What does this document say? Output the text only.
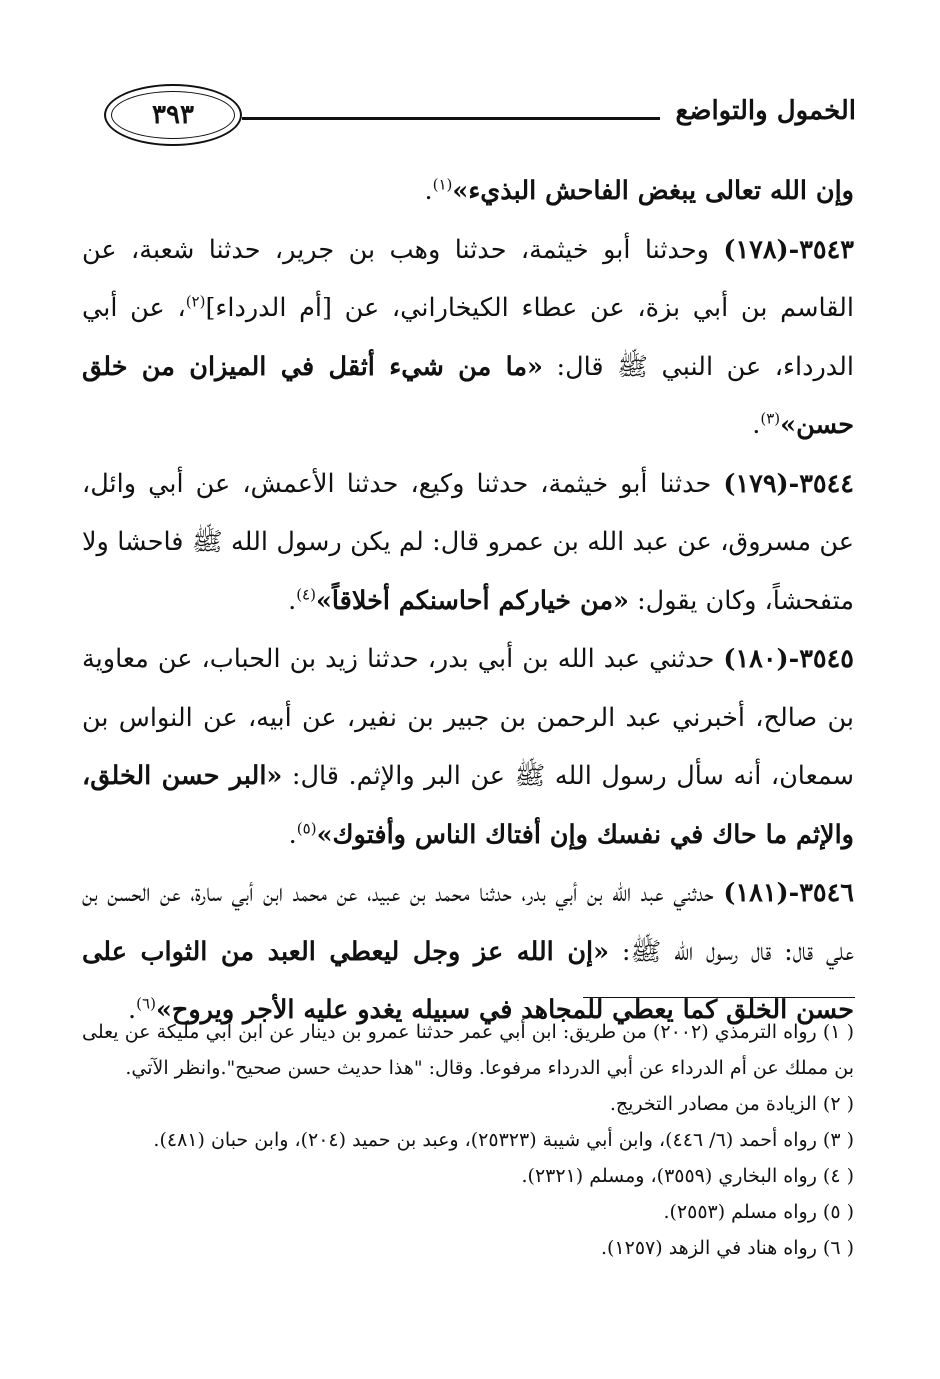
٣٩٣	الخمول والتواضع

وإن الله تعالى يبغض الفاحش البذيء»$^{(١)}$.

٣٥٤٣-(١٧٨) وحدثنا أبو خيثمة، حدثنا وهب بن جرير، حدثنا شعبة، عن القاسم بن أبي بزة، عن عطاء الكيخاراني، عن [أم الدرداء]$^{(٢)}$، عن أبي الدرداء، عن النبي ﷺ قال: «ما من شيء أثقل في الميزان من خلق حسن»$^{(٣)}$.

٣٥٤٤-(١٧٩) حدثنا أبو خيثمة، حدثنا وكيع، حدثنا الأعمش، عن أبي وائل، عن مسروق، عن عبد الله بن عمرو قال: لم يكن رسول الله ﷺ فاحشا ولا متفحشاً، وكان يقول: «من خياركم أحاسنكم أخلاقاً»$^{(٤)}$.

٣٥٤٥-(١٨٠) حدثني عبد الله بن أبي بدر، حدثنا زيد بن الحباب، عن معاوية بن صالح، أخبرني عبد الرحمن بن جبير بن نفير، عن أبيه، عن النواس بن سمعان، أنه سأل رسول الله ﷺ عن البر والإثم. قال: «البر حسن الخلق، والإثم ما حاك في نفسك وإن أفتاك الناس وأفتوك»$^{(٥)}$.

٣٥٤٦-(١٨١) حدثني عبد الله بن أبي بدر، حدثنا محمد بن عبيد، عن محمد ابن أبي سارة، عن الحسن بن علي قال: قال رسول الله ﷺ: «إن الله عز وجل ليعطي العبد من الثواب على حسن الخلق كما يعطي للمجاهد في سبيله يغدو عليه الأجر ويروح»$^{(٦)}$.

( ١) رواه الترمذي (٢٠٠٢) من طريق: ابن أبي عمر حدثنا عمرو بن دينار عن ابن أبي مليكة عن يعلى بن مملك عن أم الدرداء عن أبي الدرداء مرفوعا. وقال: "هذا حديث حسن صحيح".وانظر الآتي.

( ٢) الزيادة من مصادر التخريج.

( ٣) رواه أحمد (٦/ ٤٤٦)، وابن أبي شيبة (٢٥٣٢٣)، وعبد بن حميد (٢٠٤)، وابن حبان (٤٨١).

( ٤) رواه البخاري (٣٥٥٩)، ومسلم (٢٣٢١).

( ٥) رواه مسلم (٢٥٥٣).

( ٦) رواه هناد في الزهد (١٢٥٧).
